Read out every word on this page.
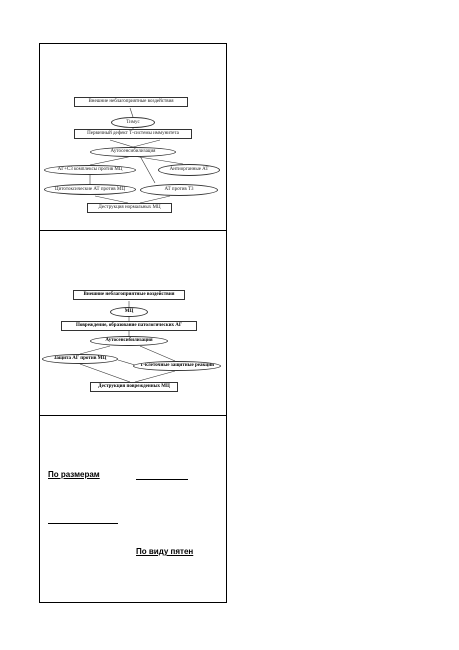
Внешние неблагоприятные воздействия
Тимус
Первичный дефект Т-системы иммунитета
Аутосенсибилизация
АГ+С3 комплексы против МЦ	Антиорганные АТ
Цитотоксические АТ против МЦ	АТ против Т3
Деструкция нормальных МЦ
Внешние неблагоприятные воздействия
МЦ
Повреждение, образование патологических АГ
Аутосенсибилизация
Защита АГ против МЦ
Т-клеточные защитные реакции
Деструкция поврежденных МЦ
По размерам
По виду пятен
